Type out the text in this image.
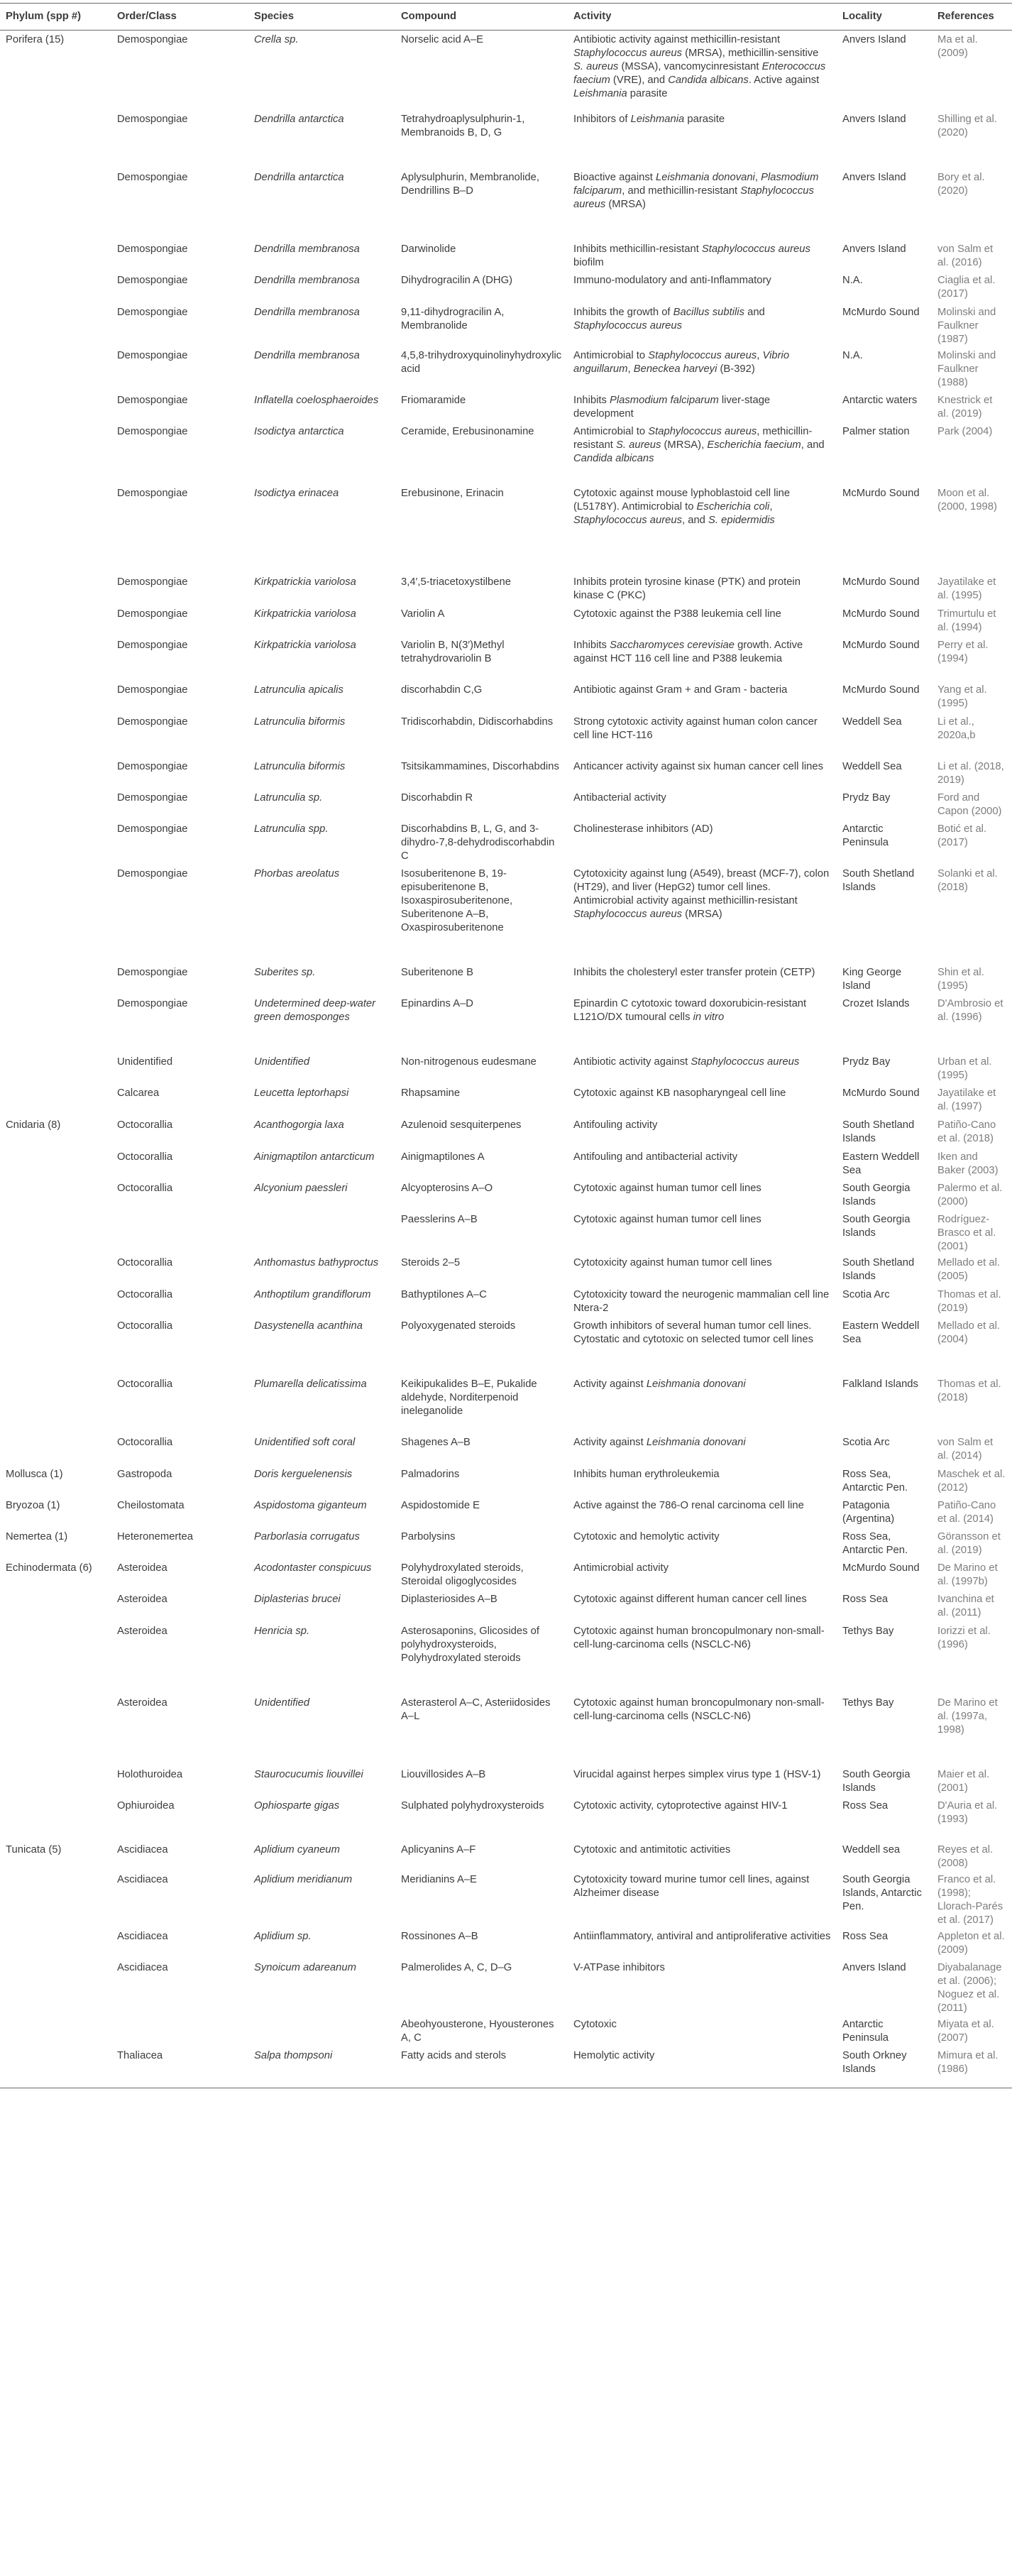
Phylum (spp #)	Order/Class	Species	Compound	Activity	Locality	References
Porifera (15)	Demospongiae	Crella sp.	Norselic acid A–E	Antibiotic activity against methicillin-resistant Staphylococcus aureus (MRSA), methicillin-sensitive S. aureus (MSSA), vancomycinresistant Enterococcus faecium (VRE), and Candida albicans. Active against Leishmania parasite	Anvers Island	Ma et al. (2009)
	Demospongiae	Dendrilla antarctica	Tetrahydroaplysulphurin-1, Membranoids B, D, G	Inhibitors of Leishmania parasite	Anvers Island	Shilling et al. (2020)
	Demospongiae	Dendrilla antarctica	Aplysulphurin, Membranolide, Dendrillins B–D	Bioactive against Leishmania donovani, Plasmodium falciparum, and methicillin-resistant Staphylococcus aureus (MRSA)	Anvers Island	Bory et al. (2020)
	Demospongiae	Dendrilla membranosa	Darwinolide	Inhibits methicillin-resistant Staphylococcus aureus biofilm	Anvers Island	von Salm et al. (2016)
	Demospongiae	Dendrilla membranosa	Dihydrogracilin A (DHG)	Immuno-modulatory and anti-Inflammatory	N.A.	Ciaglia et al. (2017)
	Demospongiae	Dendrilla membranosa	9,11-dihydrogracilin A, Membranolide	Inhibits the growth of Bacillus subtilis and Staphylococcus aureus	McMurdo Sound	Molinski and Faulkner (1987)
	Demospongiae	Dendrilla membranosa	4,5,8-trihydroxyquinolinyhydroxylic acid	Antimicrobial to Staphylococcus aureus, Vibrio anguillarum, Beneckea harveyi (B-392)	N.A.	Molinski and Faulkner (1988)
	Demospongiae	Inflatella coelosphaeroides	Friomaramide	Inhibits Plasmodium falciparum liver-stage development	Antarctic waters	Knestrick et al. (2019)
	Demospongiae	Isodictya antarctica	Ceramide, Erebusinonamine	Antimicrobial to Staphylococcus aureus, methicillin-resistant S. aureus (MRSA), Escherichia faecium, and Candida albicans	Palmer station	Park (2004)
	Demospongiae	Isodictya erinacea	Erebusinone, Erinacin	Cytotoxic against mouse lyphoblastoid cell line (L5178Y). Antimicrobial to Escherichia coli, Staphylococcus aureus, and S. epidermidis	McMurdo Sound	Moon et al. (2000, 1998)
	Demospongiae	Kirkpatrickia variolosa	3,4′,5-triacetoxystilbene	Inhibits protein tyrosine kinase (PTK) and protein kinase C (PKC)	McMurdo Sound	Jayatilake et al. (1995)
	Demospongiae	Kirkpatrickia variolosa	Variolin A	Cytotoxic against the P388 leukemia cell line	McMurdo Sound	Trimurtulu et al. (1994)
	Demospongiae	Kirkpatrickia variolosa	Variolin B, N(3′)Methyl tetrahydrovariolin B	Inhibits Saccharomyces cerevisiae growth. Active against HCT 116 cell line and P388 leukemia	McMurdo Sound	Perry et al. (1994)
	Demospongiae	Latrunculia apicalis	discorhabdin C,G	Antibiotic against Gram + and Gram - bacteria	McMurdo Sound	Yang et al. (1995)
	Demospongiae	Latrunculia biformis	Tridiscorhabdin, Didiscorhabdins	Strong cytotoxic activity against human colon cancer cell line HCT-116	Weddell Sea	Li et al., 2020a,b
	Demospongiae	Latrunculia biformis	Tsitsikammamines, Discorhabdins	Anticancer activity against six human cancer cell lines	Weddell Sea	Li et al. (2018, 2019)
	Demospongiae	Latrunculia sp.	Discorhabdin R	Antibacterial activity	Prydz Bay	Ford and Capon (2000)
	Demospongiae	Latrunculia spp.	Discorhabdins B, L, G, and 3-dihydro-7,8-dehydrodiscorhabdin C	Cholinesterase inhibitors (AD)	Antarctic Peninsula	Botić et al. (2017)
	Demospongiae	Phorbas areolatus	Isosuberitenone B, 19-episuberitenone B, Isoxaspirosuberitenone, Suberitenone A–B, Oxaspirosuberitenone	Cytotoxicity against lung (A549), breast (MCF-7), colon (HT29), and liver (HepG2) tumor cell lines. Antimicrobial activity against methicillin-resistant Staphylococcus aureus (MRSA)	South Shetland Islands	Solanki et al. (2018)
	Demospongiae	Suberites sp.	Suberitenone B	Inhibits the cholesteryl ester transfer protein (CETP)	King George Island	Shin et al. (1995)
	Demospongiae	Undetermined deep-water green demosponges	Epinardins A–D	Epinardin C cytotoxic toward doxorubicin-resistant L121O/DX tumoural cells in vitro	Crozet Islands	D'Ambrosio et al. (1996)
	Unidentified	Unidentified	Non-nitrogenous eudesmane	Antibiotic activity against Staphylococcus aureus	Prydz Bay	Urban et al. (1995)
	Calcarea	Leucetta leptorhapsi	Rhapsamine	Cytotoxic against KB nasopharyngeal cell line	McMurdo Sound	Jayatilake et al. (1997)
Cnidaria (8)	Octocorallia	Acanthogorgia laxa	Azulenoid sesquiterpenes	Antifouling activity	South Shetland Islands	Patiño-Cano et al. (2018)
	Octocorallia	Ainigmaptilon antarcticum	Ainigmaptilones A	Antifouling and antibacterial activity	Eastern Weddell Sea	Iken and Baker (2003)
	Octocorallia	Alcyonium paessleri	Alcyopterosins A–O	Cytotoxic against human tumor cell lines	South Georgia Islands	Palermo et al. (2000)
			Paesslerins A–B	Cytotoxic against human tumor cell lines	South Georgia Islands	Rodríguez-Brasco et al. (2001)
	Octocorallia	Anthomastus bathyproctus	Steroids 2–5	Cytotoxicity against human tumor cell lines	South Shetland Islands	Mellado et al. (2005)
	Octocorallia	Anthoptilum grandiflorum	Bathyptilones A–C	Cytotoxicity toward the neurogenic mammalian cell line Ntera-2	Scotia Arc	Thomas et al. (2019)
	Octocorallia	Dasystenella acanthina	Polyoxygenated steroids	Growth inhibitors of several human tumor cell lines. Cytostatic and cytotoxic on selected tumor cell lines	Eastern Weddell Sea	Mellado et al. (2004)
	Octocorallia	Plumarella delicatissima	Keikipukalides B–E, Pukalide aldehyde, Norditerpenoid ineleganolide	Activity against Leishmania donovani	Falkland Islands	Thomas et al. (2018)
	Octocorallia	Unidentified soft coral	Shagenes A–B	Activity against Leishmania donovani	Scotia Arc	von Salm et al. (2014)
Mollusca (1)	Gastropoda	Doris kerguelenensis	Palmadorins	Inhibits human erythroleukemia	Ross Sea, Antarctic Pen.	Maschek et al. (2012)
Bryozoa (1)	Cheilostomata	Aspidostoma giganteum	Aspidostomide E	Active against the 786-O renal carcinoma cell line	Patagonia (Argentina)	Patiño-Cano et al. (2014)
Nemertea (1)	Heteronemertea	Parborlasia corrugatus	Parbolysins	Cytotoxic and hemolytic activity	Ross Sea, Antarctic Pen.	Göransson et al. (2019)
Echinodermata (6)	Asteroidea	Acodontaster conspicuus	Polyhydroxylated steroids, Steroidal oligoglycosides	Antimicrobial activity	McMurdo Sound	De Marino et al. (1997b)
	Asteroidea	Diplasterias brucei	Diplasteriosides A–B	Cytotoxic against different human cancer cell lines	Ross Sea	Ivanchina et al. (2011)
	Asteroidea	Henricia sp.	Asterosaponins, Glicosides of polyhydroxysteroids, Polyhydroxylated steroids	Cytotoxic against human broncopulmonary non-small-cell-lung-carcinoma cells (NSCLC-N6)	Tethys Bay	Iorizzi et al. (1996)
	Asteroidea	Unidentified	Asterasterol A–C, Asteriidosides A–L	Cytotoxic against human broncopulmonary non-small-cell-lung-carcinoma cells (NSCLC-N6)	Tethys Bay	De Marino et al. (1997a, 1998)
	Holothuroidea	Staurocucumis liouvillei	Liouvillosides A–B	Virucidal against herpes simplex virus type 1 (HSV-1)	South Georgia Islands	Maier et al. (2001)
	Ophiuroidea	Ophiosparte gigas	Sulphated polyhydroxysteroids	Cytotoxic activity, cytoprotective against HIV-1	Ross Sea	D'Auria et al. (1993)
Tunicata (5)	Ascidiacea	Aplidium cyaneum	Aplicyanins A–F	Cytotoxic and antimitotic activities	Weddell sea	Reyes et al. (2008)
	Ascidiacea	Aplidium meridianum	Meridianins A–E	Cytotoxicity toward murine tumor cell lines, against Alzheimer disease	South Georgia Islands, Antarctic Pen.	Franco et al. (1998); Llorach-Parés et al. (2017)
	Ascidiacea	Aplidium sp.	Rossinones A–B	Antiinflammatory, antiviral and antiproliferative activities	Ross Sea	Appleton et al. (2009)
	Ascidiacea	Synoicum adareanum	Palmerolides A, C, D–G	V-ATPase inhibitors	Anvers Island	Diyabalanage et al. (2006); Noguez et al. (2011)
			Abeohyousterone, Hyousterones A, C	Cytotoxic	Antarctic Peninsula	Miyata et al. (2007)
	Thaliacea	Salpa thompsoni	Fatty acids and sterols	Hemolytic activity	South Orkney Islands	Mimura et al. (1986)
